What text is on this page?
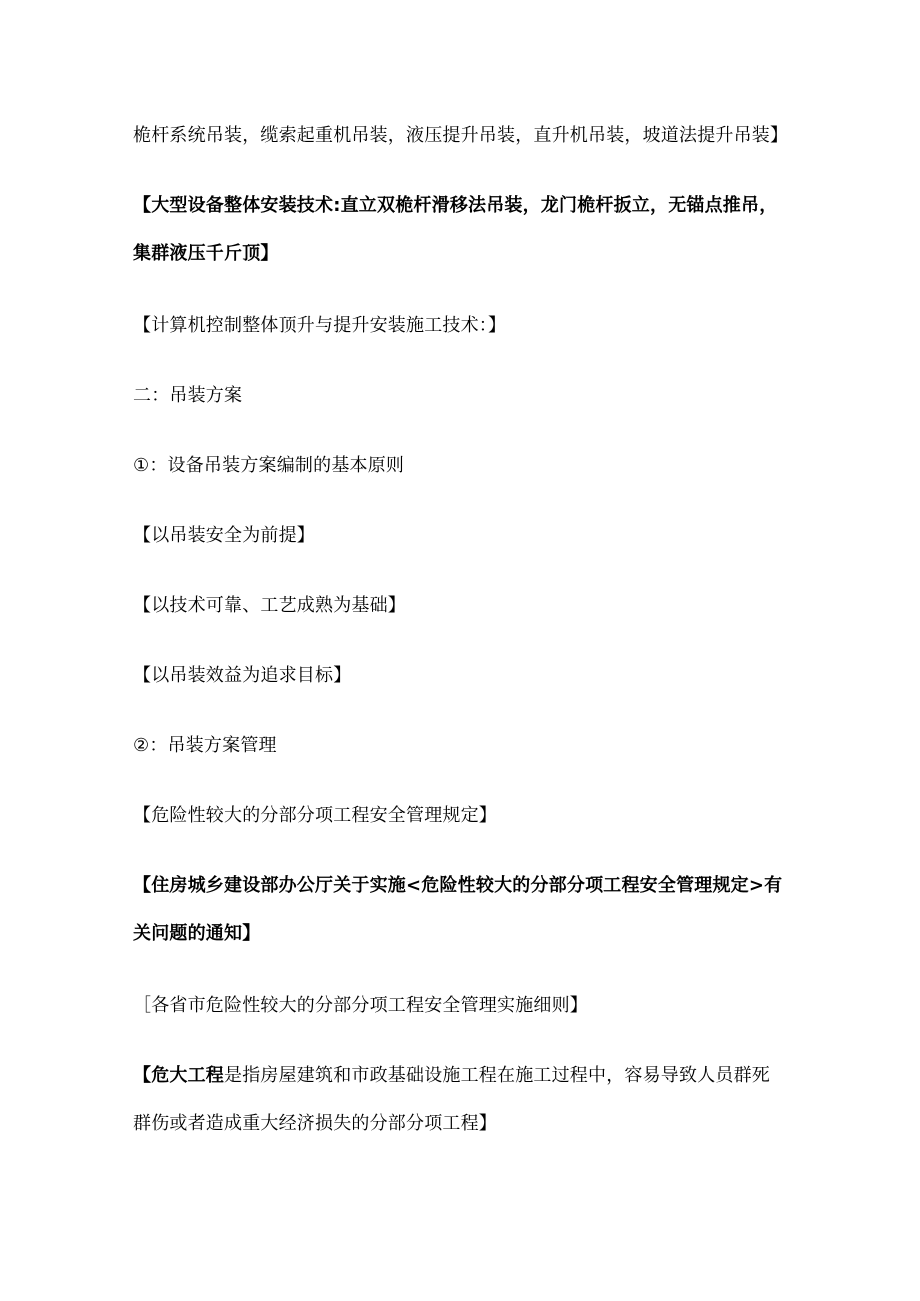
桅杆系统吊装，缆索起重机吊装，液压提升吊装，直升机吊装，坡道法提升吊装】
【大型设备整体安装技术:直立双桅杆滑移法吊装，龙门桅杆扳立，无锚点推吊，
集群液压千斤顶】
【计算机控制整体顶升与提升安装施工技术：】
二：吊装方案
①：设备吊装方案编制的基本原则
【以吊装安全为前提】
【以技术可靠、工艺成熟为基础】
【以吊装效益为追求目标】
②：吊装方案管理
【危险性较大的分部分项工程安全管理规定】
【住房城乡建设部办公厅关于实施<危险性较大的分部分项工程安全管理规定>有
关问题的通知】
［各省市危险性较大的分部分项工程安全管理实施细则】
【危大工程是指房屋建筑和市政基础设施工程在施工过程中，容易导致人员群死
群伤或者造成重大经济损失的分部分项工程】
